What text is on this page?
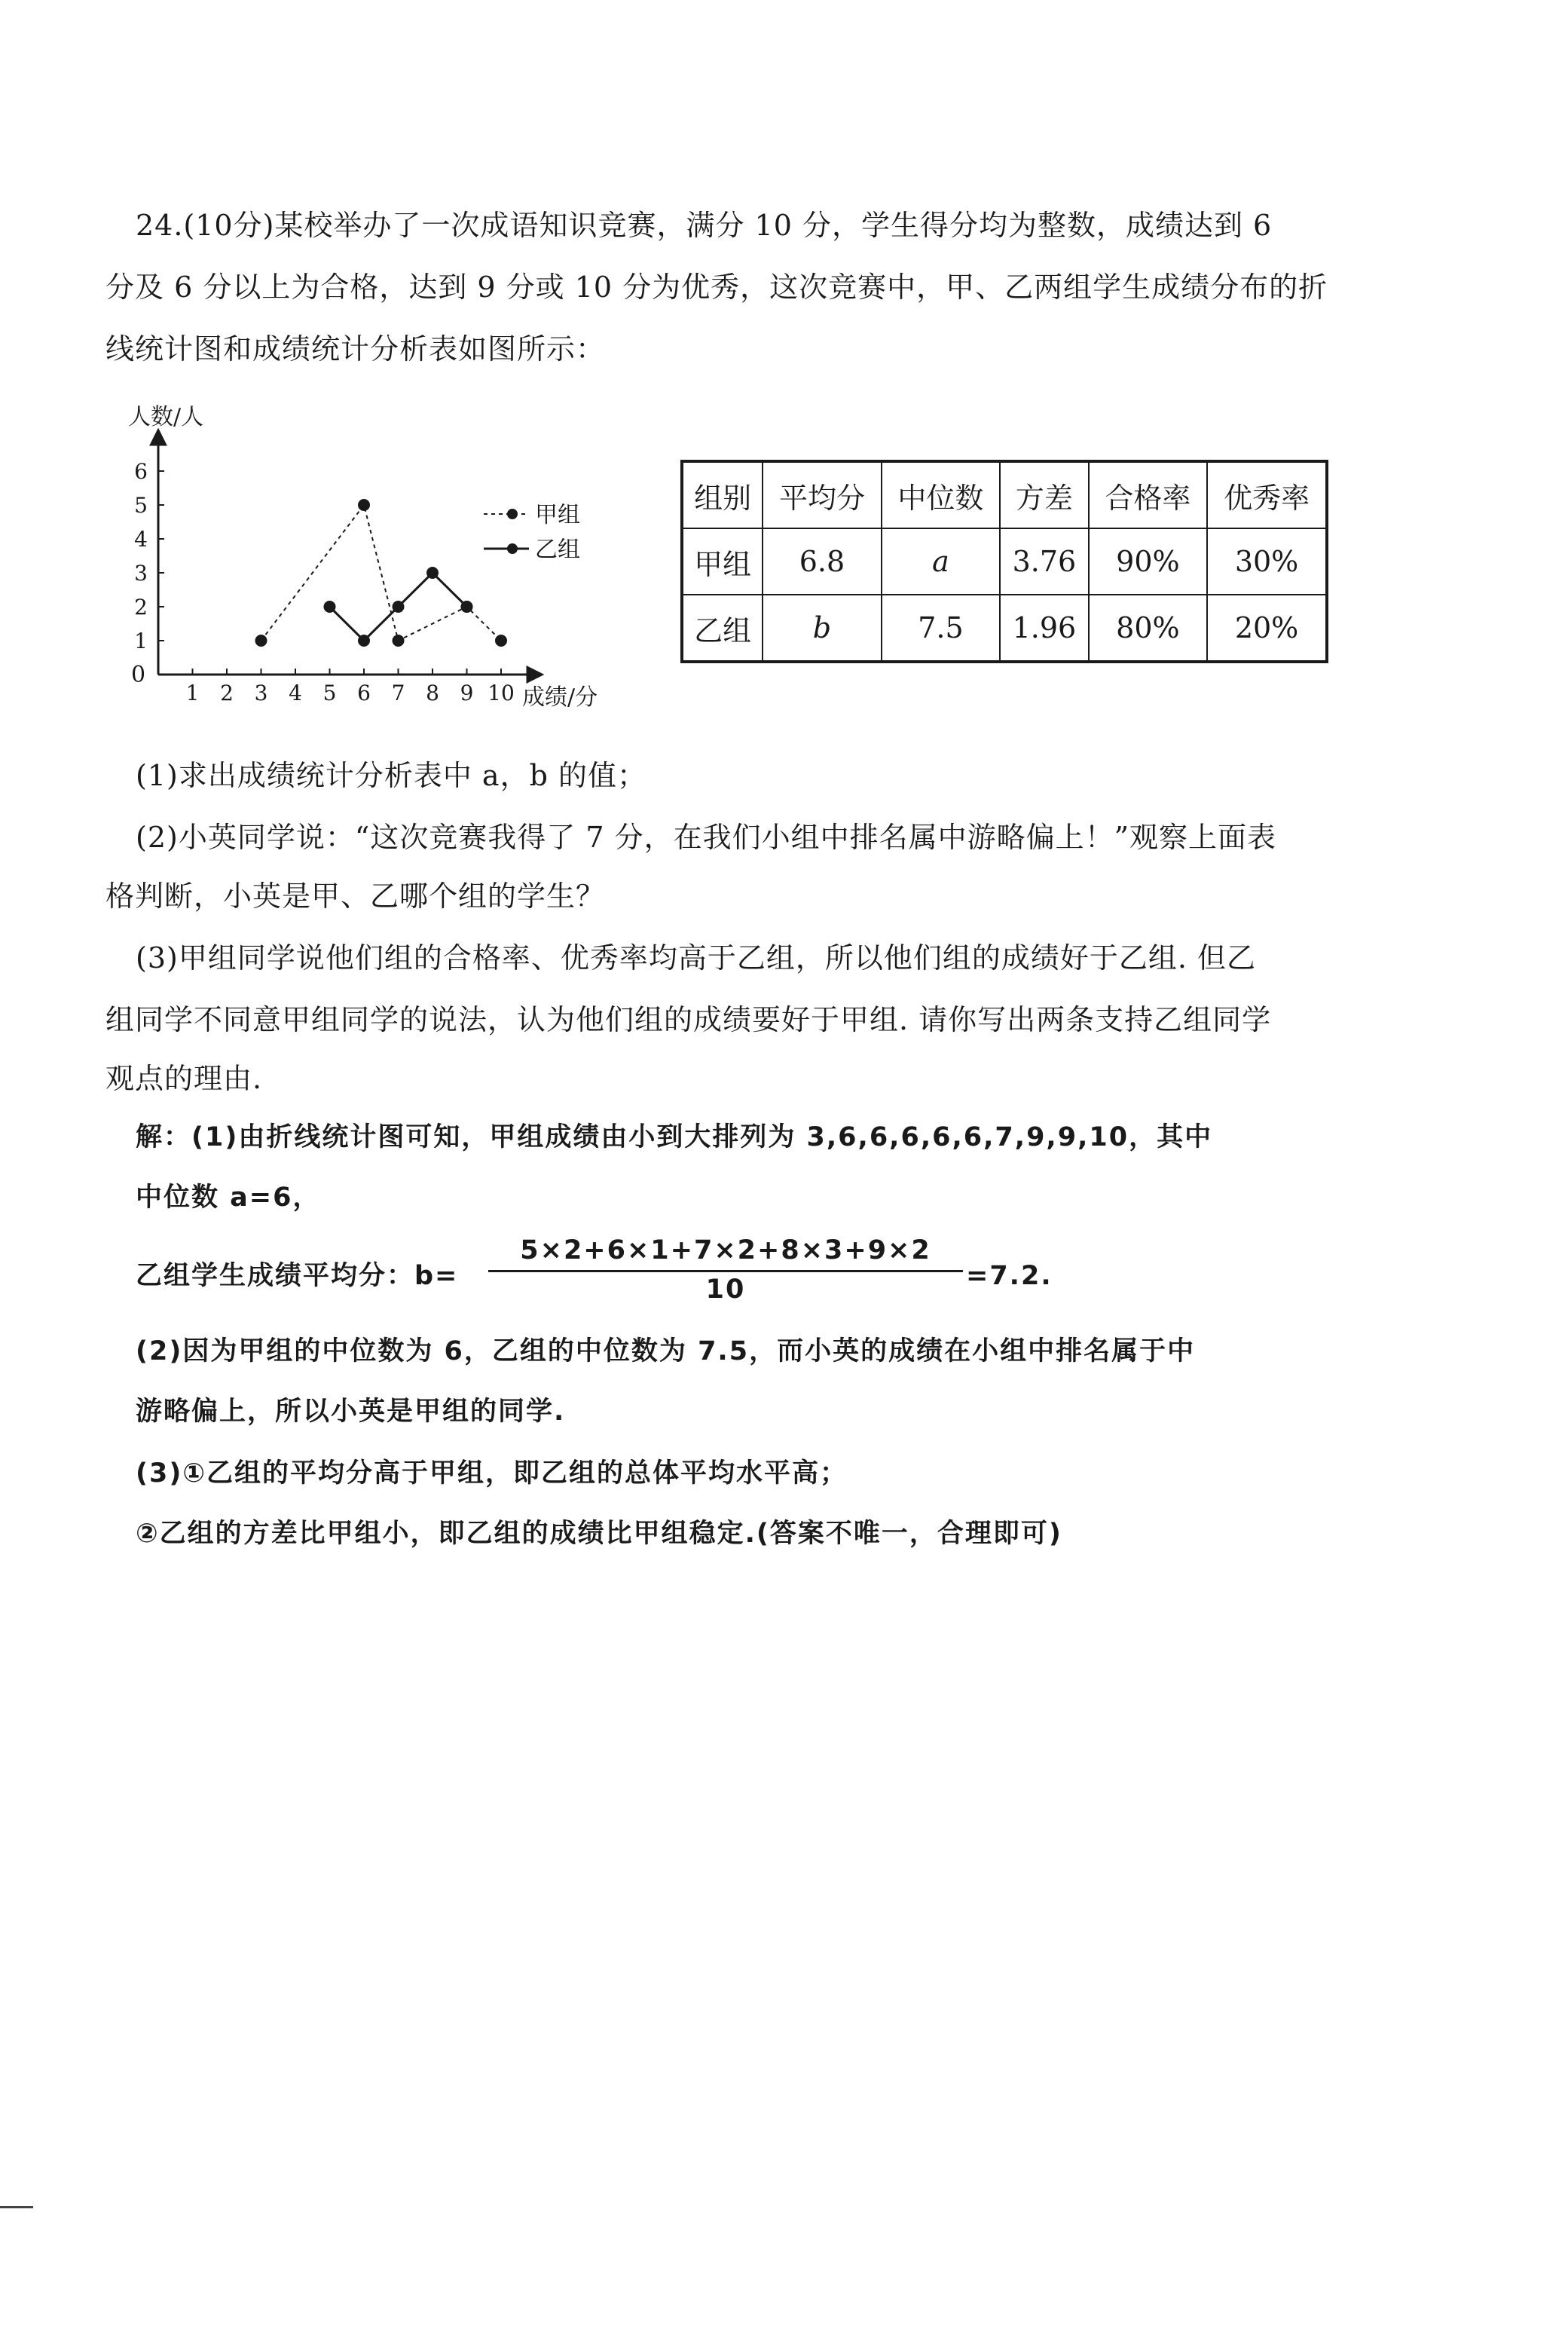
24.(10分)某校举办了一次成语知识竞赛，满分 10 分，学生得分均为整数，成绩达到 6
分及 6 分以上为合格，达到 9 分或 10 分为优秀，这次竞赛中，甲、乙两组学生成绩分布的折
线统计图和成绩统计分析表如图所示：
人数/人
成绩/分
0
1 2 3 4 5 6 7 8 9 10
1
2
3
4
5
6
甲组
乙组
组别	平均分	中位数	方差	合格率	优秀率
甲组	6.8	a	3.76	90%	30%
乙组	b	7.5	1.96	80%	20%
(1)求出成绩统计分析表中 a，b 的值；
(2)小英同学说：“这次竞赛我得了 7 分，在我们小组中排名属中游略偏上！”观察上面表
格判断，小英是甲、乙哪个组的学生？
(3)甲组同学说他们组的合格率、优秀率均高于乙组，所以他们组的成绩好于乙组. 但乙
组同学不同意甲组同学的说法，认为他们组的成绩要好于甲组. 请你写出两条支持乙组同学
观点的理由.
解：(1)由折线统计图可知，甲组成绩由小到大排列为 3,6,6,6,6,6,7,9,9,10，其中
中位数 a=6，
乙组学生成绩平均分：$b= \frac{5\times 2+6\times 1+7\times 2+8\times 3+9\times 2}{10} =7.2$.
(2)因为甲组的中位数为 6，乙组的中位数为 7.5，而小英的成绩在小组中排名属于中
游略偏上，所以小英是甲组的同学.
(3)①乙组的平均分高于甲组，即乙组的总体平均水平高；
②乙组的方差比甲组小，即乙组的成绩比甲组稳定.(答案不唯一，合理即可)
